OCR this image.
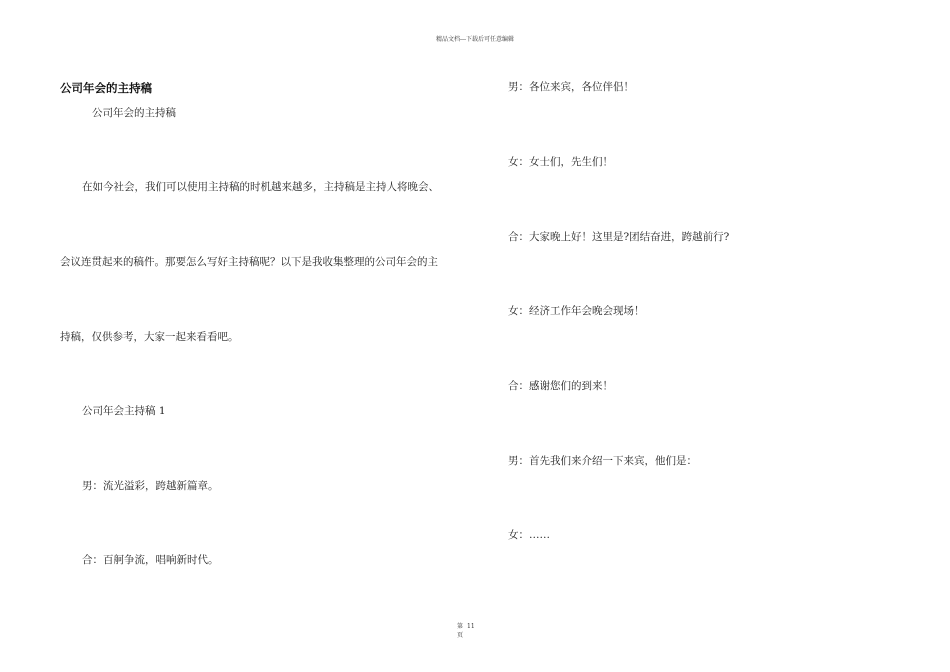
精品文档---下载后可任意编辑
公司年会的主持稿
公司年会的主持稿
在如今社会，我们可以使用主持稿的时机越来越多，主持稿是主持人将晚会、
会议连贯起来的稿件。那要怎么写好主持稿呢？以下是我收集整理的公司年会的主
持稿，仅供参考，大家一起来看看吧。
公司年会主持稿 1
男：流光溢彩，跨越新篇章。
合：百舸争流，唱响新时代。
男：各位来宾，各位伴侣！
女：女士们，先生们！
合：大家晚上好！这里是?团结奋进，跨越前行?
女：经济工作年会晚会现场！
合：感谢您们的到来！
男：首先我们来介绍一下来宾，他们是：
女：……
第 11
页
